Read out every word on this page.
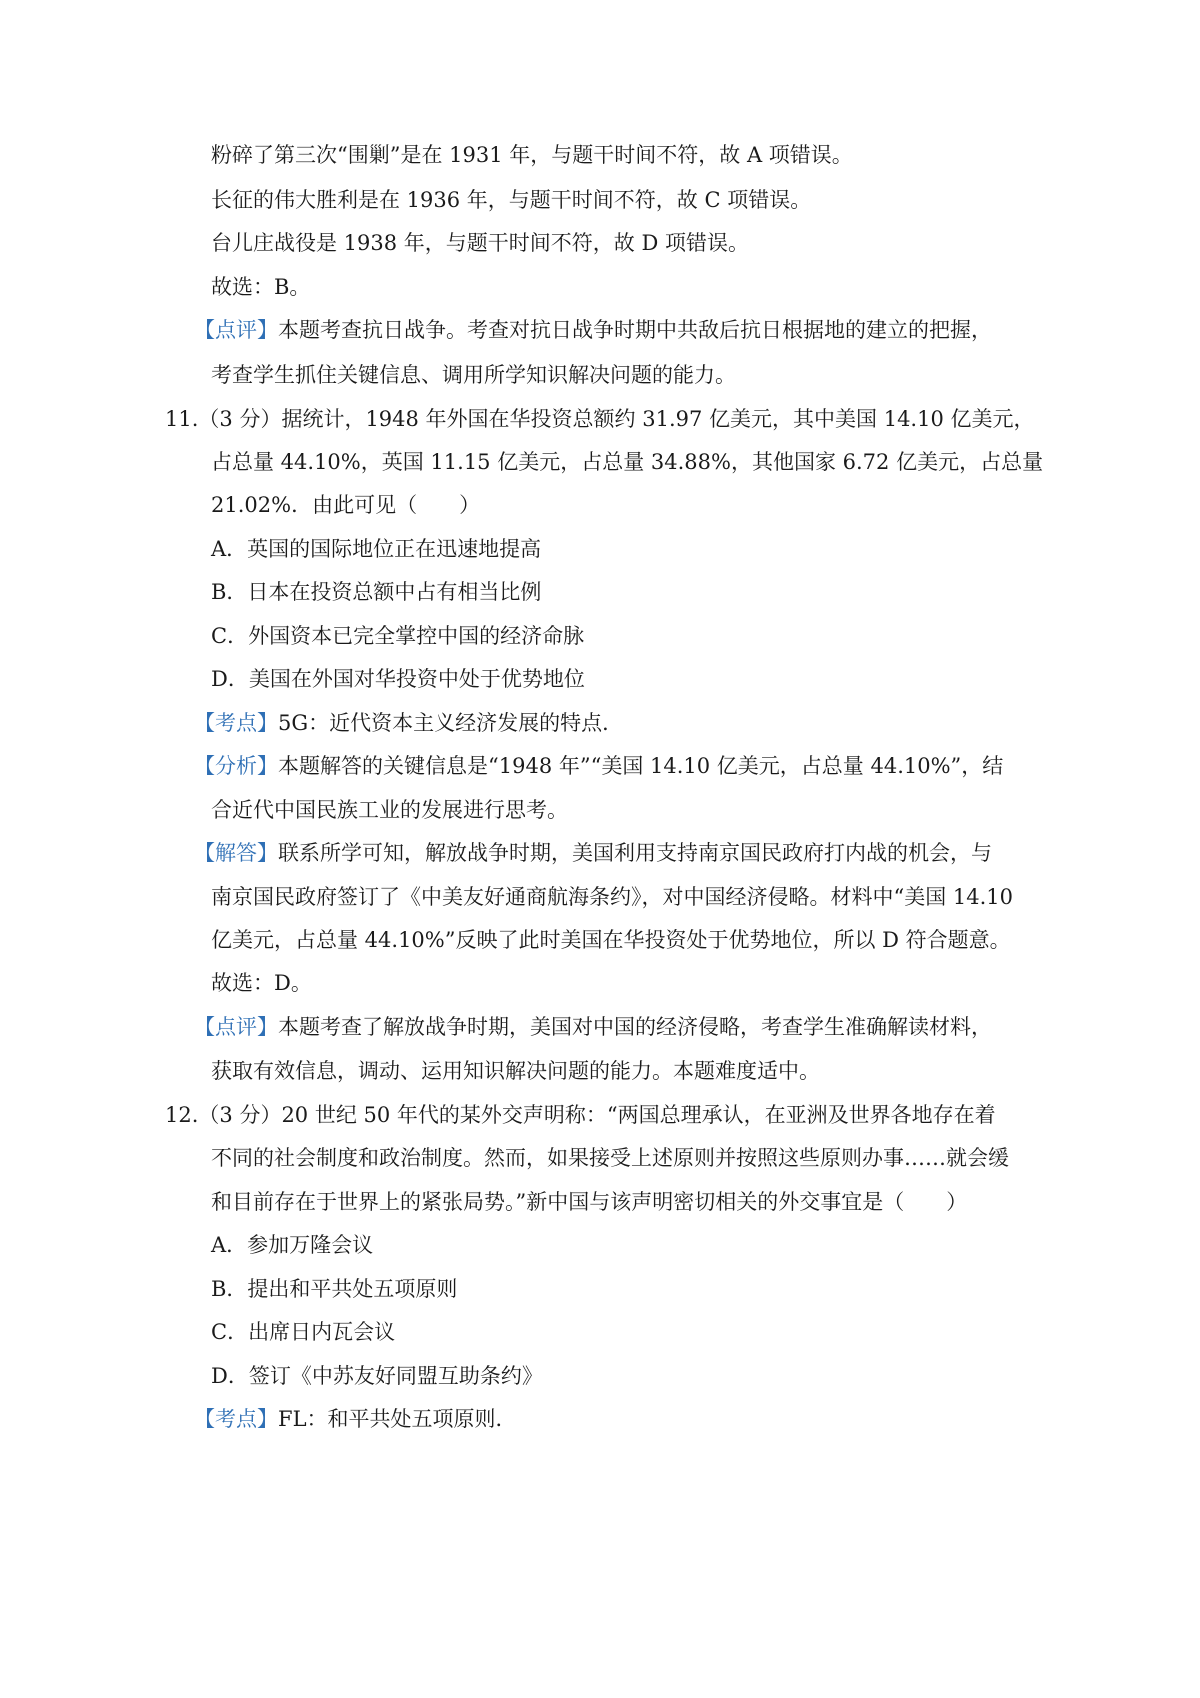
粉碎了第三次“围剿”是在 1931 年，与题干时间不符，故 A 项错误。
长征的伟大胜利是在 1936 年，与题干时间不符，故 C 项错误。
台儿庄战役是 1938 年，与题干时间不符，故 D 项错误。
故选：B。
【点评】本题考查抗日战争。考查对抗日战争时期中共敌后抗日根据地的建立的把握，
考查学生抓住关键信息、调用所学知识解决问题的能力。
11.（3 分）据统计，1948 年外国在华投资总额约 31.97 亿美元，其中美国 14.10 亿美元，
占总量 44.10%，英国 11.15 亿美元，占总量 34.88%，其他国家 6.72 亿美元，占总量
21.02%．由此可见（　　）
A．英国的国际地位正在迅速地提高
B．日本在投资总额中占有相当比例
C．外国资本已完全掌控中国的经济命脉
D．美国在外国对华投资中处于优势地位
【考点】5G：近代资本主义经济发展的特点．
【分析】本题解答的关键信息是“1948 年”“美国 14.10 亿美元，占总量 44.10%”，结
合近代中国民族工业的发展进行思考。
【解答】联系所学可知，解放战争时期，美国利用支持南京国民政府打内战的机会，与
南京国民政府签订了《中美友好通商航海条约》，对中国经济侵略。材料中“美国 14.10
亿美元，占总量 44.10%”反映了此时美国在华投资处于优势地位，所以 D 符合题意。
故选：D。
【点评】本题考查了解放战争时期，美国对中国的经济侵略，考查学生准确解读材料，
获取有效信息，调动、运用知识解决问题的能力。本题难度适中。
12.（3 分）20 世纪 50 年代的某外交声明称：“两国总理承认，在亚洲及世界各地存在着
不同的社会制度和政治制度。然而，如果接受上述原则并按照这些原则办事……就会缓
和目前存在于世界上的紧张局势。”新中国与该声明密切相关的外交事宜是（　　）
A．参加万隆会议
B．提出和平共处五项原则
C．出席日内瓦会议
D．签订《中苏友好同盟互助条约》
【考点】FL：和平共处五项原则．
